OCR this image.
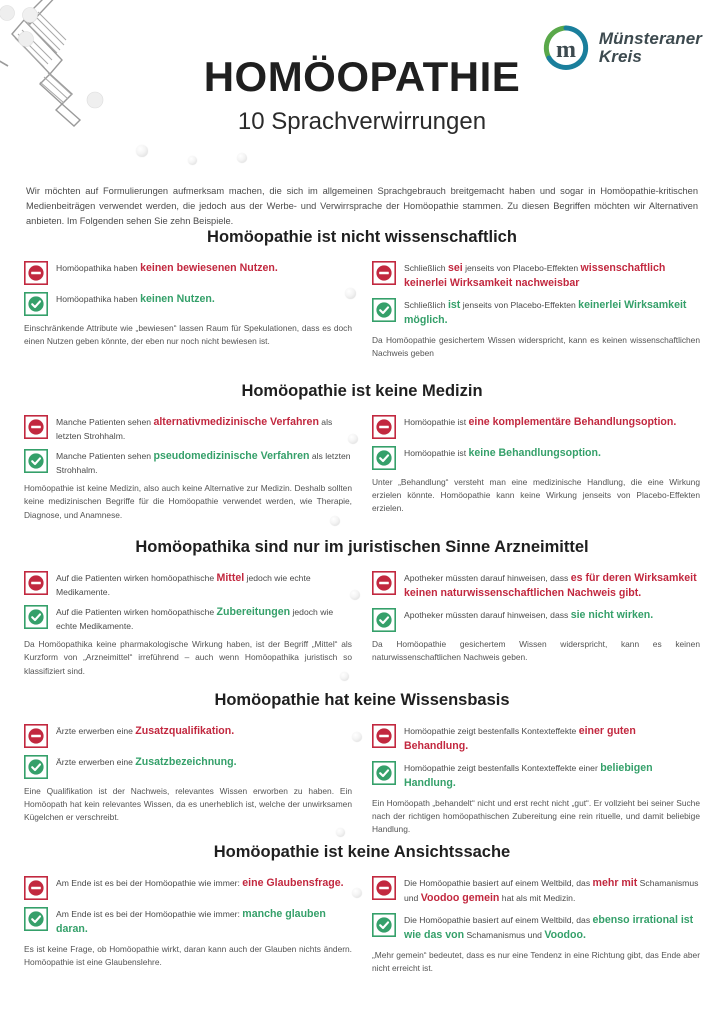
m Münsteraner
Kreis
HOMÖOPATHIE
10 Sprachverwirrungen

Wir möchten auf Formulierungen aufmerksam machen, die sich im allgemeinen Sprachgebrauch breitgemacht haben und sogar in Homöopathie-kritischen Medienbeiträgen verwendet werden, die jedoch aus der Werbe- und Verwirrsprache der Homöopathie stammen. Zu diesen Begriffen möchten wir Alternativen anbieten. Im Folgenden sehen Sie zehn Beispiele.

Homöopathie ist nicht wissenschaftlich
Homöopathika haben keinen bewiesenen Nutzen.
Homöopathika haben keinen Nutzen.
Einschränkende Attribute wie „bewiesen“ lassen Raum für Spekulationen, dass es doch einen Nutzen geben könnte, der eben nur noch nicht bewiesen ist.
Schließlich sei jenseits von Placebo-Effekten wissenschaftlich keinerlei Wirksamkeit nachweisbar
Schließlich ist jenseits von Placebo-Effekten keinerlei Wirksamkeit möglich.
Da Homöopathie gesichertem Wissen widerspricht, kann es keinen wissenschaftlichen Nachweis geben
Homöopathie ist keine Medizin
Manche Patienten sehen alternativmedizinische Verfahren als letzten Strohhalm.
Manche Patienten sehen pseudomedizinische Verfahren als letzten Strohhalm.
Homöopathie ist keine Medizin, also auch keine Alternative zur Medizin. Deshalb sollten keine medizinischen Begriffe für die Homöopathie verwendet werden, wie Therapie, Diagnose, und Anamnese.
Homöopathie ist eine komplementäre Behandlungsoption.
Homöopathie ist keine Behandlungsoption.
Unter „Behandlung“ versteht man eine medizinische Handlung, die eine Wirkung erzielen könnte. Homöopathie kann keine Wirkung jenseits von Placebo-Effekten erzielen.
Homöopathika sind nur im juristischen Sinne Arzneimittel
Auf die Patienten wirken homöopathische Mittel jedoch wie echte Medikamente.
Auf die Patienten wirken homöopathische Zubereitungen jedoch wie echte Medikamente.
Da Homöopathika keine pharmakologische Wirkung haben, ist der Begriff „Mittel“ als Kurzform von „Arzneimittel“ irreführend – auch wenn Homöopathika juristisch so klassifiziert sind.
Apotheker müssten darauf hinweisen, dass es für deren Wirksamkeit keinen naturwissenschaftlichen Nachweis gibt.
Apotheker müssten darauf hinweisen, dass sie nicht wirken.
Da Homöopathie gesichertem Wissen widerspricht, kann es keinen naturwissenschaftlichen Nachweis geben.
Homöopathie hat keine Wissensbasis
Ärzte erwerben eine Zusatzqualifikation.
Ärzte erwerben eine Zusatzbezeichnung.
Eine Qualifikation ist der Nachweis, relevantes Wissen erworben zu haben. Ein Homöopath hat kein relevantes Wissen, da es unerheblich ist, welche der unwirksamen Kügelchen er verschreibt.
Homöopathie zeigt bestenfalls Kontexteffekte einer guten Behandlung.
Homöopathie zeigt bestenfalls Kontexteffekte einer beliebigen Handlung.
Ein Homöopath „behandelt“ nicht und erst recht nicht „gut“. Er vollzieht bei seiner Suche nach der richtigen homöopathischen Zubereitung eine rein rituelle, und damit beliebige Handlung.
Homöopathie ist keine Ansichtssache
Am Ende ist es bei der Homöopathie wie immer: eine Glaubensfrage.
Am Ende ist es bei der Homöopathie wie immer: manche glauben daran.
Es ist keine Frage, ob Homöopathie wirkt, daran kann auch der Glauben nichts ändern. Homöopathie ist eine Glaubenslehre.
Die Homöopathie basiert auf einem Weltbild, das mehr mit Schamanismus und Voodoo gemein hat als mit Medizin.
Die Homöopathie basiert auf einem Weltbild, das ebenso irrational ist wie das von Schamanismus und Voodoo.
„Mehr gemein“ bedeutet, dass es nur eine Tendenz in eine Richtung gibt, das Ende aber nicht erreicht ist.
